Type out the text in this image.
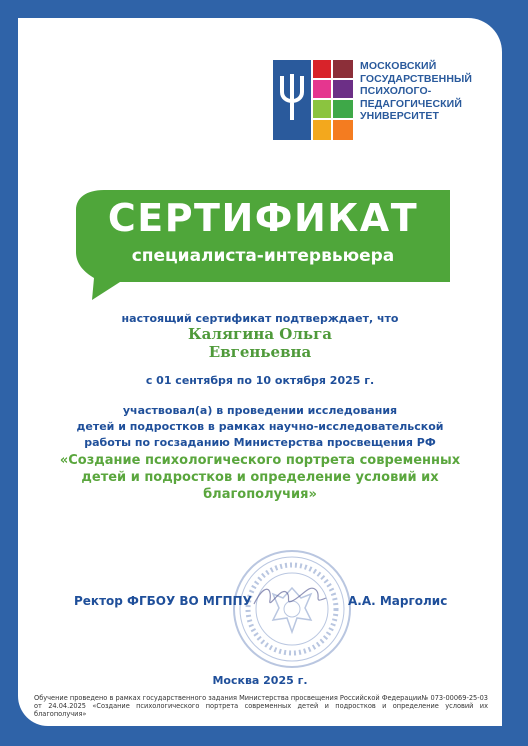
МОСКОВСКИЙ ГОСУДАРСТВЕННЫЙ ПСИХОЛОГО-ПЕДАГОГИЧЕСКИЙ УНИВЕРСИТЕТ
СЕРТИФИКАТ
специалиста-интервьюера
настоящий сертификат подтверждает, что
Калягина Ольга
Евгеньевна
с 01 сентября по 10 октября 2025 г.
участвовал(а) в проведении исследования
детей и подростков в рамках научно-исследовательской
работы по госзаданию Министерства просвещения РФ
«Создание психологического портрета современных
детей и подростков и определение условий их
благополучия»
Ректор ФГБОУ ВО МГППУ	А.А. Марголис
Москва 2025 г.
Обучение проведено в рамках государственного задания Министерства просвещения Российской Федерации№ 073-00069-25-03 от 24.04.2025 «Создание психологического портрета современных детей и подростков и определение условий их благополучия»
